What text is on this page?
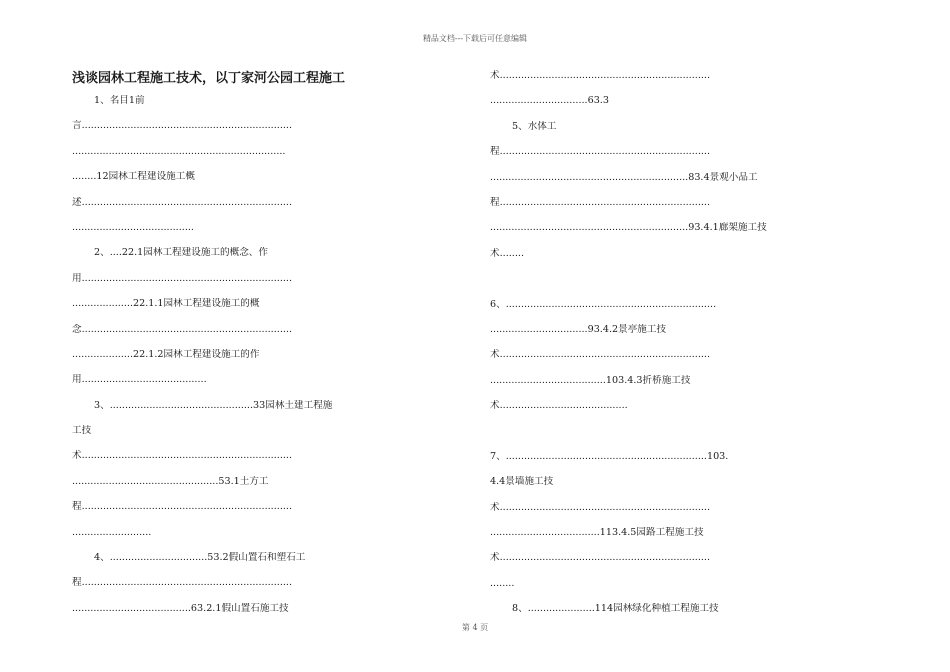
精品文档---下载后可任意编辑
浅谈园林工程施工技术，以丁家河公园工程施工
1、名目1前
言.....................................................................
......................................................................
........12园林工程建设施工概
述.....................................................................
........................................
2、....22.1园林工程建设施工的概念、作
用.....................................................................
....................22.1.1园林工程建设施工的概
念.....................................................................
....................22.1.2园林工程建设施工的作
用.........................................
3、...............................................33园林土建工程施
工技
术.....................................................................
................................................53.1土方工
程.....................................................................
..........................
4、................................53.2假山置石和塑石工
程.....................................................................
.......................................63.2.1假山置石施工技
术.....................................................................
................................63.3
5、水体工
程.....................................................................
.................................................................83.4景观小品工
程.....................................................................
.................................................................93.4.1廊架施工技
术........
6、.....................................................................
................................93.4.2景亭施工技
术.....................................................................
......................................103.4.3折桥施工技
术..........................................
7、..................................................................103.
4.4景墙施工技
术.....................................................................
....................................113.4.5园路工程施工技
术.....................................................................
........
8、......................114园林绿化种植工程施工技
第 4 页
